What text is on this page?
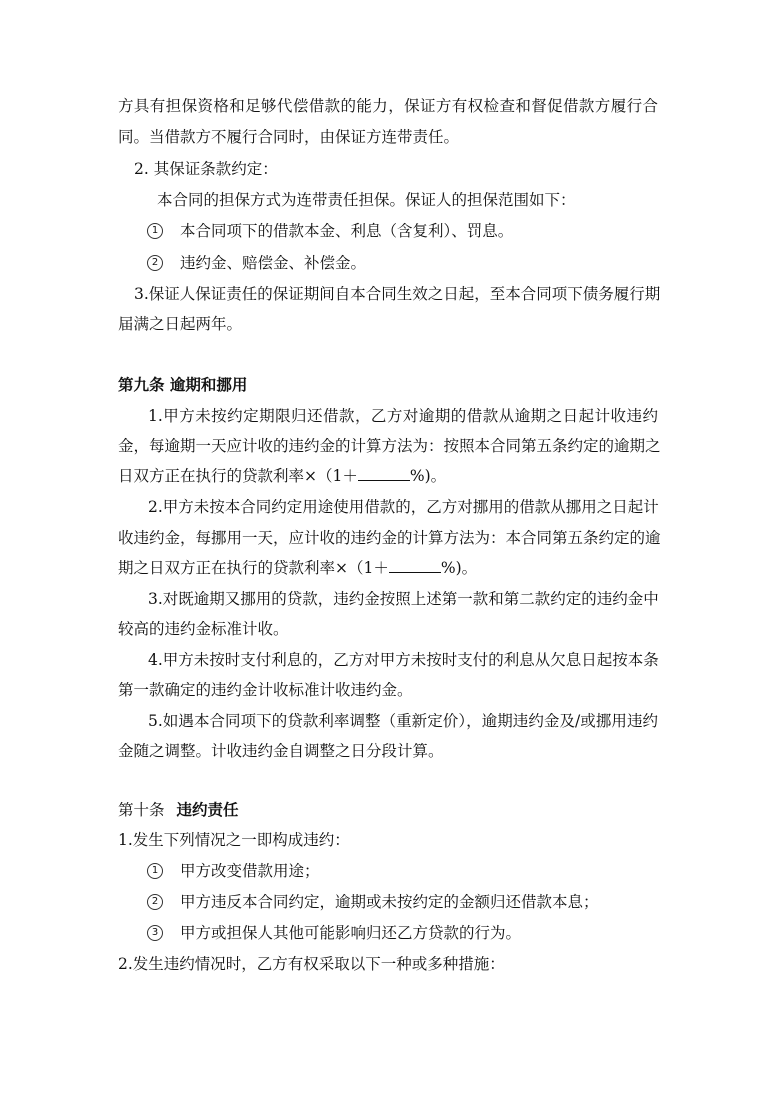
方具有担保资格和足够代偿借款的能力，保证方有权检查和督促借款方履行合
同。当借款方不履行合同时，由保证方连带责任。
2. 其保证条款约定：
本合同的担保方式为连带责任担保。保证人的担保范围如下：
1	本合同项下的借款本金、利息（含复利）、罚息。
2	违约金、赔偿金、补偿金。
3.保证人保证责任的保证期间自本合同生效之日起，至本合同项下债务履行期
届满之日起两年。
第九条 逾期和挪用
1.甲方未按约定期限归还借款，乙方对逾期的借款从逾期之日起计收违约
金，每逾期一天应计收的违约金的计算方法为：按照本合同第五条约定的逾期之
日双方正在执行的贷款利率×（1＋	%)。
2.甲方未按本合同约定用途使用借款的，乙方对挪用的借款从挪用之日起计
收违约金，每挪用一天，应计收的违约金的计算方法为：本合同第五条约定的逾
期之日双方正在执行的贷款利率×（1＋	%)。
3.对既逾期又挪用的贷款，违约金按照上述第一款和第二款约定的违约金中
较高的违约金标准计收。
4.甲方未按时支付利息的，乙方对甲方未按时支付的利息从欠息日起按本条
第一款确定的违约金计收标准计收违约金。
5.如遇本合同项下的贷款利率调整（重新定价），逾期违约金及/或挪用违约
金随之调整。计收违约金自调整之日分段计算。
第十条 违约责任
1.发生下列情况之一即构成违约：
1	甲方改变借款用途；
2	甲方违反本合同约定，逾期或未按约定的金额归还借款本息；
3	甲方或担保人其他可能影响归还乙方贷款的行为。
2.发生违约情况时，乙方有权采取以下一种或多种措施：
